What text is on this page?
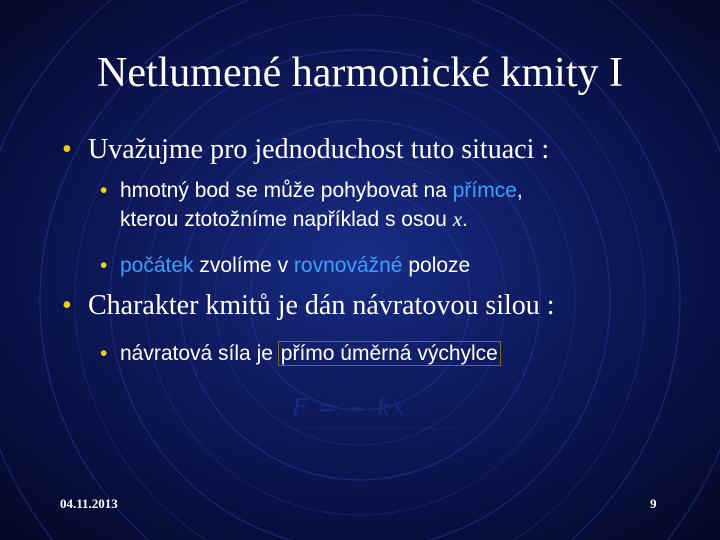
Netlumené harmonické kmity I
• Uvažujme pro jednoduchost tuto situaci :
• hmotný bod se může pohybovat na přímce,
kterou ztotožníme například s osou x.
• počátek zvolíme v rovnovážné poloze
• Charakter kmitů je dán návratovou silou :
• návratová síla je přímo úměrná výchylce
F = − kx
04.11.2013	9
